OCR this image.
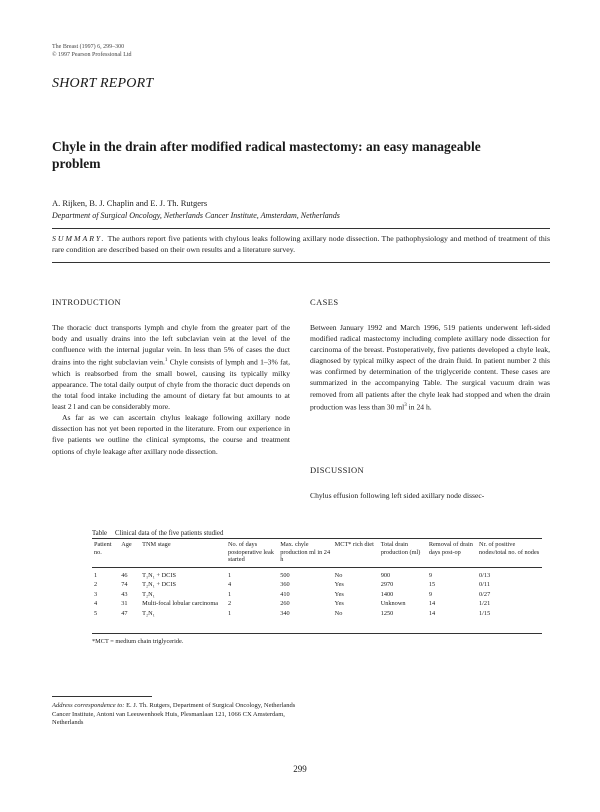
The Breast (1997) 6, 299–300
© 1997 Pearson Professional Ltd
SHORT REPORT
Chyle in the drain after modified radical mastectomy: an easy manageable problem
A. Rijken, B. J. Chaplin and E. J. Th. Rutgers
Department of Surgical Oncology, Netherlands Cancer Institute, Amsterdam, Netherlands
SUMMARY. The authors report five patients with chylous leaks following axillary node dissection. The pathophysiology and method of treatment of this rare condition are described based on their own results and a literature survey.
INTRODUCTION

The thoracic duct transports lymph and chyle from the greater part of the body and usually drains into the left subclavian vein at the level of the confluence with the internal jugular vein. In less than 5% of cases the duct drains into the right subclavian vein.$^1$ Chyle consists of lymph and 1–3% fat, which is reabsorbed from the small bowel, causing its typically milky appearance. The total daily output of chyle from the thoracic duct depends on the total food intake including the amount of dietary fat but amounts to at least 2 l and can be considerably more.

As far as we can ascertain chylus leakage following axillary node dissection has not yet been reported in the literature. From our experience in five patients we outline the clinical symptoms, the course and treatment options of chyle leakage after axillary node dissection.

CASES

Between January 1992 and March 1996, 519 patients underwent left-sided modified radical mastectomy including complete axillary node dissection for carcinoma of the breast. Postoperatively, five patients developed a chyle leak, diagnosed by typical milky aspect of the drain fluid. In patient number 2 this was confirmed by determination of the triglyceride content. These cases are summarized in the accompanying Table. The surgical vacuum drain was removed from all patients after the chyle leak had stopped and when the drain production was less than 30 $ml^3$ in 24 h.

DISCUSSION

Chylus effusion following left sided axillary node dissec-

Table Clinical data of the five patients studied
Patient no.	Age	TNM stage	No. of days postoperative leak started	Max. chyle production ml in 24 h	MCT* rich diet	Total drain production (ml)	Removal of drain days post-op	Nr. of positive nodes/total no. of nodes

1	46	T₁N₁ + DCIS	1	500	No	900	9	0/13
2	74	T₂N₁ + DCIS	4	360	Yes	2970	15	0/11
3	43	T₂N₁	1	410	Yes	1400	9	0/27
4	31	Multi-focal lobular carcinoma	2	260	Yes	Unknown	14	1/21
5	47	T₂N₁	1	340	No	1250	14	1/15
*MCT = medium chain triglyceride.
Address correspondence to: E. J. Th. Rutgers, Department of Surgical Oncology, Netherlands Cancer Institute, Antoni van Leeuwenhoek Huis, Plesmanlaan 121, 1066 CX Amsterdam, Netherlands
299
